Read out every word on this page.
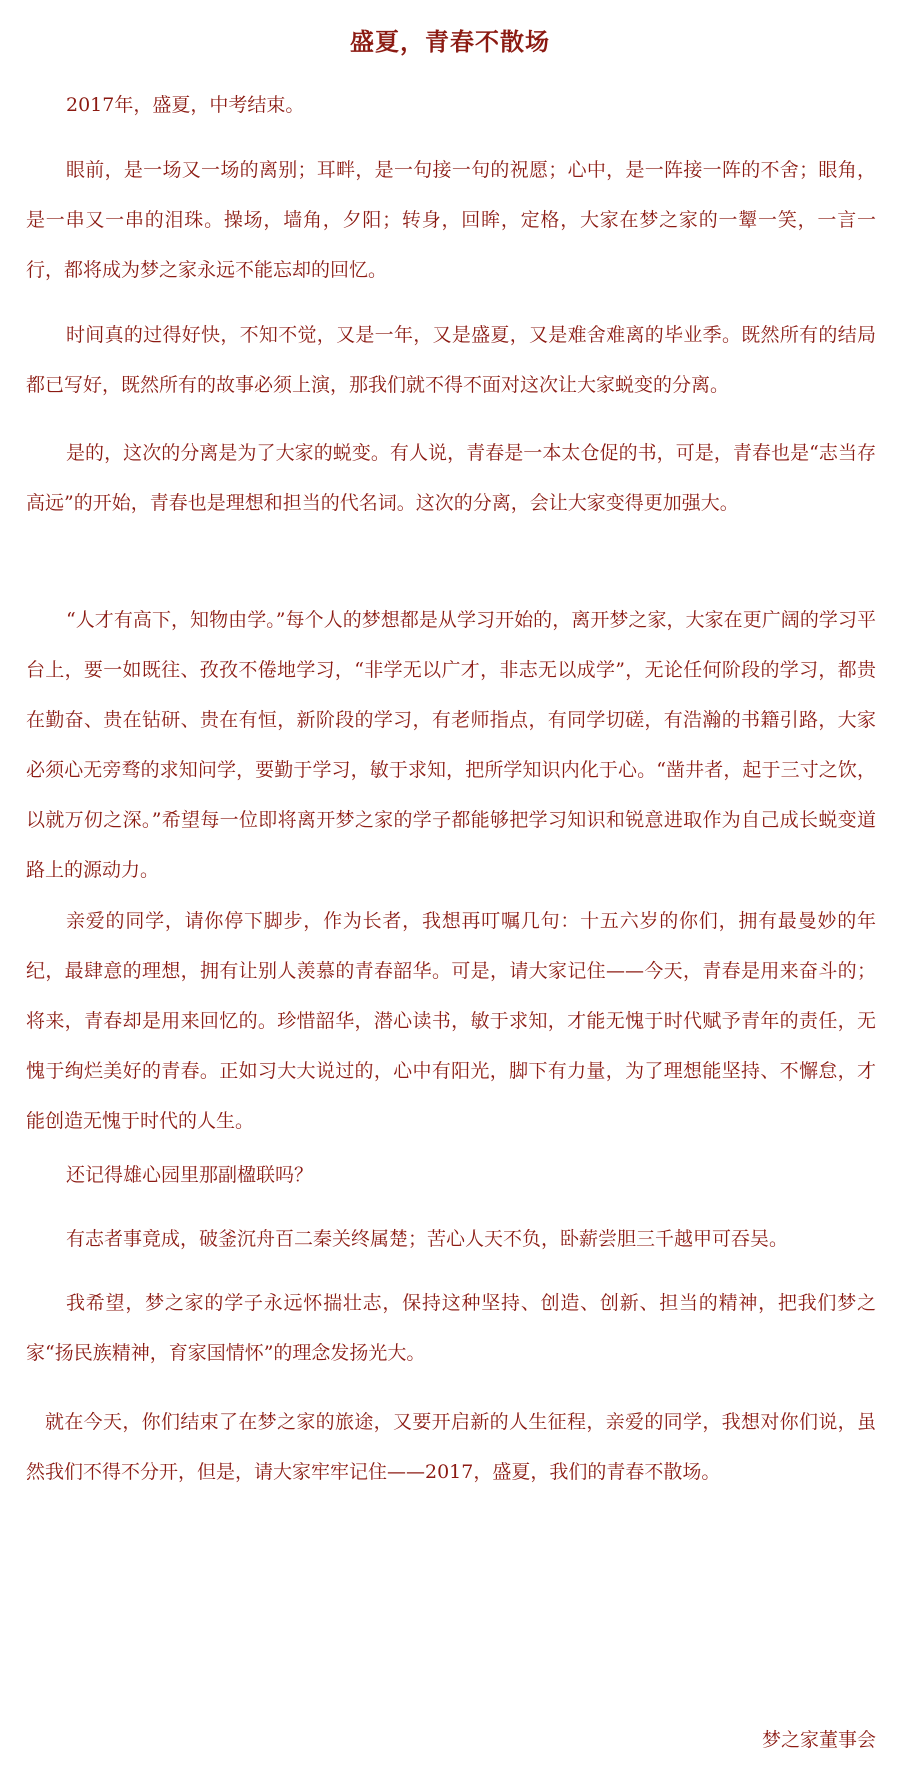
盛夏，青春不散场

2017年，盛夏，中考结束。

眼前，是一场又一场的离别；耳畔，是一句接一句的祝愿；心中，是一阵接一阵的不舍；眼角，是一串又一串的泪珠。操场，墙角，夕阳；转身，回眸，定格，大家在梦之家的一颦一笑，一言一行，都将成为梦之家永远不能忘却的回忆。

时间真的过得好快，不知不觉，又是一年，又是盛夏，又是难舍难离的毕业季。既然所有的结局都已写好，既然所有的故事必须上演，那我们就不得不面对这次让大家蜕变的分离。

是的，这次的分离是为了大家的蜕变。有人说，青春是一本太仓促的书，可是，青春也是“志当存高远”的开始，青春也是理想和担当的代名词。这次的分离，会让大家变得更加强大。

“人才有高下，知物由学。”每个人的梦想都是从学习开始的，离开梦之家，大家在更广阔的学习平台上，要一如既往、孜孜不倦地学习，“非学无以广才，非志无以成学”，无论任何阶段的学习，都贵在勤奋、贵在钻研、贵在有恒，新阶段的学习，有老师指点，有同学切磋，有浩瀚的书籍引路，大家必须心无旁骛的求知问学，要勤于学习，敏于求知，把所学知识内化于心。“凿井者，起于三寸之饮，以就万仞之深。”希望每一位即将离开梦之家的学子都能够把学习知识和锐意进取作为自己成长蜕变道路上的源动力。

亲爱的同学，请你停下脚步，作为长者，我想再叮嘱几句：十五六岁的你们，拥有最曼妙的年纪，最肆意的理想，拥有让别人羡慕的青春韶华。可是，请大家记住——今天，青春是用来奋斗的；将来，青春却是用来回忆的。珍惜韶华，潜心读书，敏于求知，才能无愧于时代赋予青年的责任，无愧于绚烂美好的青春。正如习大大说过的，心中有阳光，脚下有力量，为了理想能坚持、不懈怠，才能创造无愧于时代的人生。

还记得雄心园里那副楹联吗？

有志者事竟成，破釜沉舟百二秦关终属楚；苦心人天不负，卧薪尝胆三千越甲可吞吴。

我希望，梦之家的学子永远怀揣壮志，保持这种坚持、创造、创新、担当的精神，把我们梦之家“扬民族精神，育家国情怀”的理念发扬光大。

就在今天，你们结束了在梦之家的旅途，又要开启新的人生征程，亲爱的同学，我想对你们说，虽然我们不得不分开，但是，请大家牢牢记住——2017，盛夏，我们的青春不散场。

梦之家董事会
